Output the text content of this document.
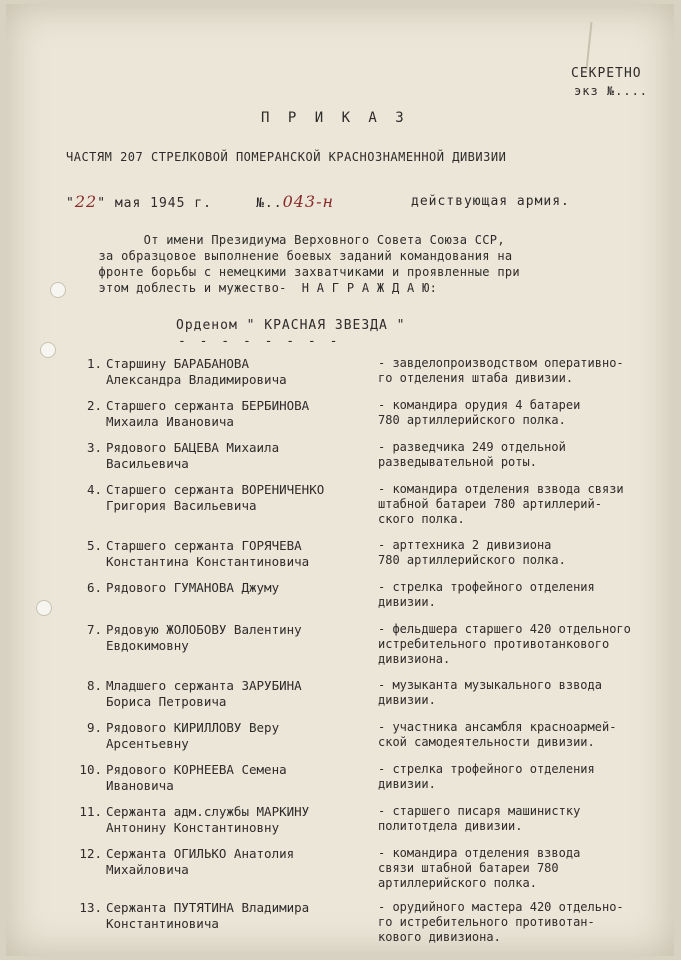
СЕКРЕТНО
экз №....
П Р И К А З
ЧАСТЯМ 207 СТРЕЛКОВОЙ ПОМЕРАНСКОЙ КРАСНОЗНАМЕННОЙ ДИВИЗИИ
"22" мая 1945 г.	№..043-н	действующая армия.
От имени Президиума Верховного Совета Союза ССР,
за образцовое выполнение боевых заданий командования на
фронте борьбы с немецкими захватчиками и проявленные при
этом доблесть и мужество-  Н А Г Р А Ж Д А Ю:
Орденом " КРАСНАЯ ЗВЕЗДА "
- - - - - - - -
1. Старшину БАРАБАНОВА
Александра Владимировича
- завделопроизводством оперативно-
го отделения штаба дивизии.
2. Старшего сержанта БЕРБИНОВА
Михаила Ивановича
- командира орудия 4 батареи
780 артиллерийского полка.
3. Рядового БАЦЕВА Михаила
Васильевича
- разведчика 249 отдельной
разведывательной роты.
4. Старшего сержанта ВОРЕНИЧЕНКО
Григория Васильевича
- командира отделения взвода связи
штабной батареи 780 артиллерий-
ского полка.
5. Старшего сержанта ГОРЯЧЕВА
Константина Константиновича
- арттехника 2 дивизиона
780 артиллерийского полка.
6. Рядового ГУМАНОВА Джуму	- стрелка трофейного отделения
дивизии.
7. Рядовую ЖОЛОБОВУ Валентину
Евдокимовну
- фельдшера старшего 420 отдельного
истребительного противотанкового
дивизиона.
8. Младшего сержанта ЗАРУБИНА
Бориса Петровича
- музыканта музыкального взвода
дивизии.
9. Рядового КИРИЛЛОВУ Веру
Арсентьевну
- участника ансамбля красноармей-
ской самодеятельности дивизии.
10. Рядового КОРНЕЕВА Семена
Ивановича
- стрелка трофейного отделения
дивизии.
11. Сержанта адм.службы МАРКИНУ
Антонину Константиновну
- старшего писаря машинистку
политотдела дивизии.
12. Сержанта ОГИЛЬКО Анатолия
Михайловича
- командира отделения взвода
связи штабной батареи 780
артиллерийского полка.
13. Сержанта ПУТЯТИНА Владимира
Константиновича
- орудийного мастера 420 отдельно-
го истребительного противотан-
кового дивизиона.
